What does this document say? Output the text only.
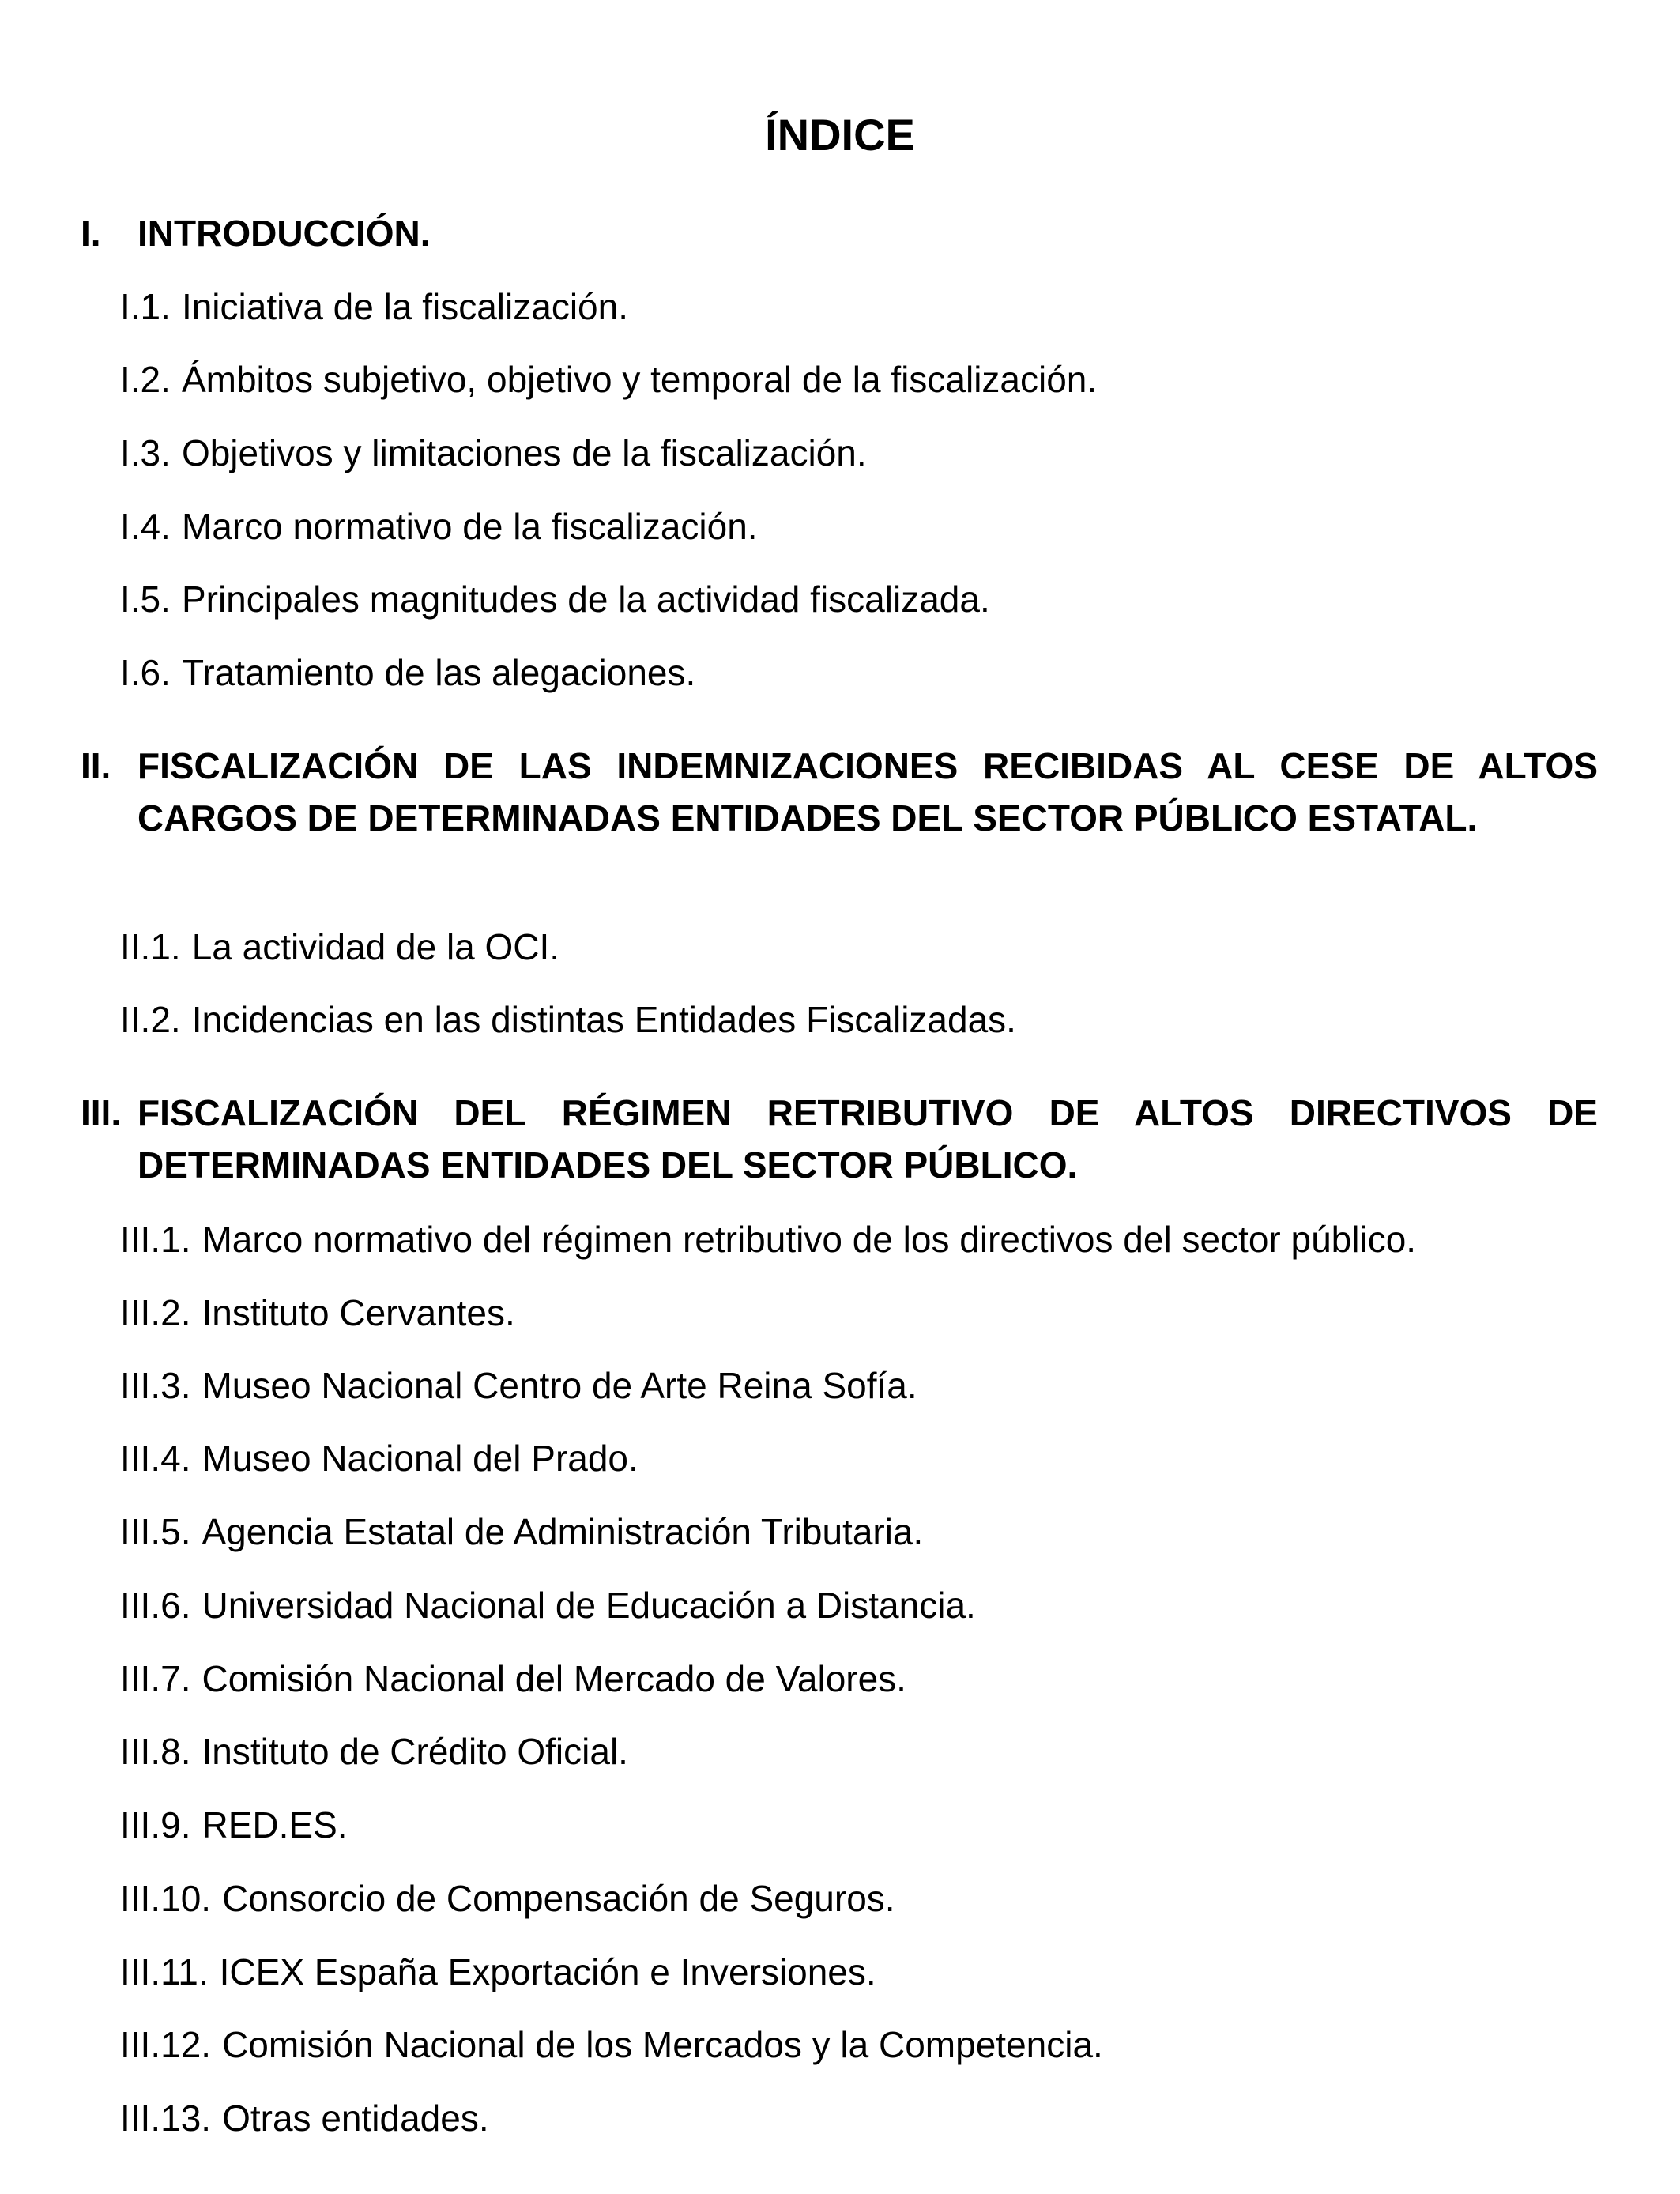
ÍNDICE
I. INTRODUCCIÓN.
I.1. Iniciativa de la fiscalización.
I.2. Ámbitos subjetivo, objetivo y temporal de la fiscalización.
I.3. Objetivos y limitaciones de la fiscalización.
I.4. Marco normativo de la fiscalización.
I.5. Principales magnitudes de la actividad fiscalizada.
I.6. Tratamiento de las alegaciones.
II. FISCALIZACIÓN DE LAS INDEMNIZACIONES RECIBIDAS AL CESE DE ALTOS CARGOS DE DETERMINADAS ENTIDADES DEL SECTOR PÚBLICO ESTATAL.
II.1. La actividad de la OCI.
II.2. Incidencias en las distintas Entidades Fiscalizadas.
III. FISCALIZACIÓN DEL RÉGIMEN RETRIBUTIVO DE ALTOS DIRECTIVOS DE DETERMINADAS ENTIDADES DEL SECTOR PÚBLICO.
III.1. Marco normativo del régimen retributivo de los directivos del sector público.
III.2. Instituto Cervantes.
III.3. Museo Nacional Centro de Arte Reina Sofía.
III.4. Museo Nacional del Prado.
III.5. Agencia Estatal de Administración Tributaria.
III.6. Universidad Nacional de Educación a Distancia.
III.7. Comisión Nacional del Mercado de Valores.
III.8. Instituto de Crédito Oficial.
III.9. RED.ES.
III.10. Consorcio de Compensación de Seguros.
III.11. ICEX España Exportación e Inversiones.
III.12. Comisión Nacional de los Mercados y la Competencia.
III.13. Otras entidades.
